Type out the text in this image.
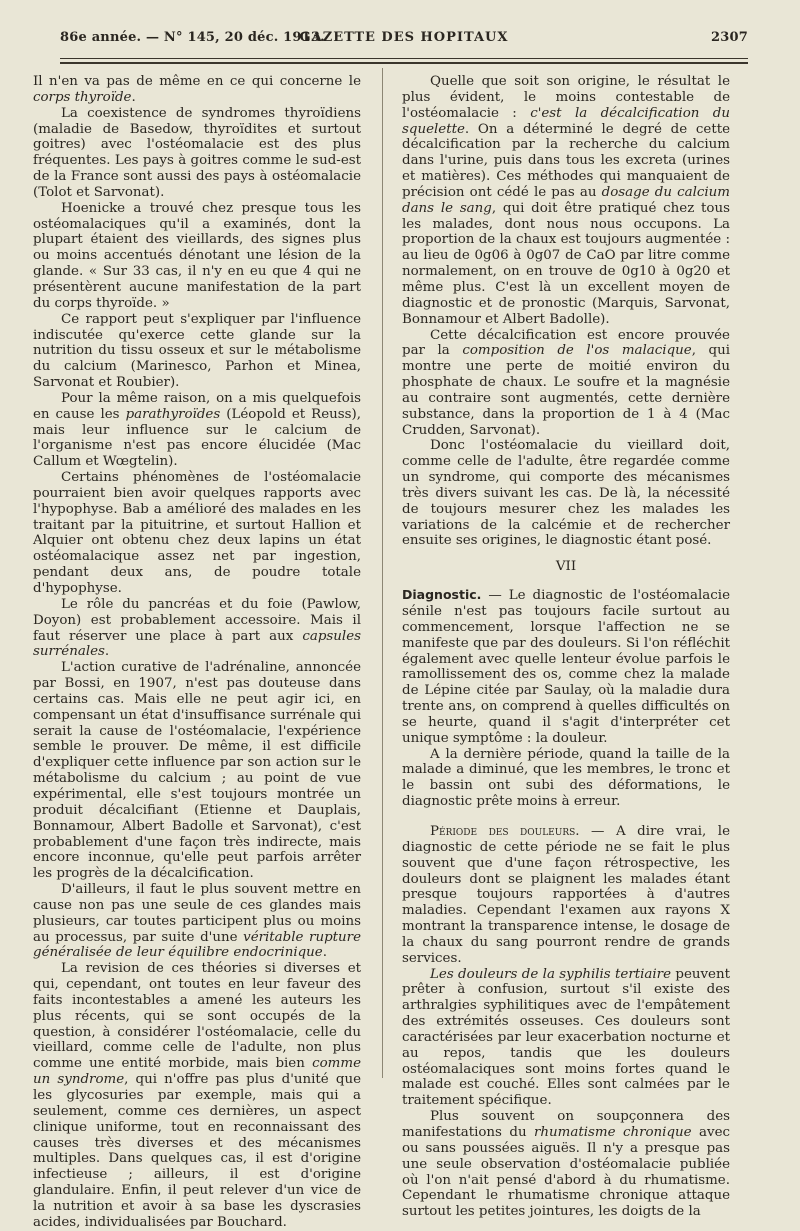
86e année. — N° 145, 20 déc. 1913.
GAZETTE DES HOPITAUX	2307

Il n'en va pas de même en ce qui concerne le corps thyroïde.

La coexistence de syndromes thyroïdiens (maladie de Basedow, thyroïdites et surtout goitres) avec l'ostéomalacie est des plus fréquentes. Les pays à goitres comme le sud-est de la France sont aussi des pays à ostéomalacie (Tolot et Sarvonat).

Hoenicke a trouvé chez presque tous les ostéomalaciques qu'il a examinés, dont la plupart étaient des vieillards, des signes plus ou moins accentués dénotant une lésion de la glande. « Sur 33 cas, il n'y en eu que 4 qui ne présentèrent aucune manifestation de la part du corps thyroïde. »

Ce rapport peut s'expliquer par l'influence indiscutée qu'exerce cette glande sur la nutrition du tissu osseux et sur le métabolisme du calcium (Marinesco, Parhon et Minea, Sarvonat et Roubier).

Pour la même raison, on a mis quelquefois en cause les parathyroïdes (Léopold et Reuss), mais leur influence sur le calcium de l'organisme n'est pas encore élucidée (Mac Callum et Wœgtelin).

Certains phénomènes de l'ostéomalacie pourraient bien avoir quelques rapports avec l'hypophyse. Bab a amélioré des malades en les traitant par la pituitrine, et surtout Hallion et Alquier ont obtenu chez deux lapins un état ostéomalacique assez net par ingestion, pendant deux ans, de poudre totale d'hypophyse.

Le rôle du pancréas et du foie (Pawlow, Doyon) est probablement accessoire. Mais il faut réserver une place à part aux capsules surrénales.

L'action curative de l'adrénaline, annoncée par Bossi, en 1907, n'est pas douteuse dans certains cas. Mais elle ne peut agir ici, en compensant un état d'insuffisance surrénale qui serait la cause de l'ostéomalacie, l'expérience semble le prouver. De même, il est difficile d'expliquer cette influence par son action sur le métabolisme du calcium ; au point de vue expérimental, elle s'est toujours montrée un produit décalcifiant (Etienne et Dauplais, Bonnamour, Albert Badolle et Sarvonat), c'est probablement d'une façon très indirecte, mais encore inconnue, qu'elle peut parfois arrêter les progrès de la décalcification.

D'ailleurs, il faut le plus souvent mettre en cause non pas une seule de ces glandes mais plusieurs, car toutes participent plus ou moins au processus, par suite d'une véritable rupture généralisée de leur équilibre endocrinique.

La revision de ces théories si diverses et qui, cependant, ont toutes en leur faveur des faits incontestables a amené les auteurs les plus récents, qui se sont occupés de la question, à considérer l'ostéomalacie, celle du vieillard, comme celle de l'adulte, non plus comme une entité morbide, mais bien comme un syndrome, qui n'offre pas plus d'unité que les glycosuries par exemple, mais qui a seulement, comme ces dernières, un aspect clinique uniforme, tout en reconnaissant des causes très diverses et des mécanismes multiples. Dans quelques cas, il est d'origine infectieuse ; ailleurs, il est d'origine glandulaire. Enfin, il peut relever d'un vice de la nutrition et avoir à sa base les dyscrasies acides, individualisées par Bouchard.

Quelle que soit son origine, le résultat le plus évident, le moins contestable de l'ostéomalacie : c'est la décalcification du squelette. On a déterminé le degré de cette décalcification par la recherche du calcium dans l'urine, puis dans tous les excreta (urines et matières). Ces méthodes qui manquaient de précision ont cédé le pas au dosage du calcium dans le sang, qui doit être pratiqué chez tous les malades, dont nous nous occupons. La proportion de la chaux est toujours augmentée : au lieu de 0g06 à 0g07 de CaO par litre comme normalement, on en trouve de 0g10 à 0g20 et même plus. C'est là un excellent moyen de diagnostic et de pronostic (Marquis, Sarvonat, Bonnamour et Albert Badolle).

Cette décalcification est encore prouvée par la composition de l'os malacique, qui montre une perte de moitié environ du phosphate de chaux. Le soufre et la magnésie au contraire sont augmentés, cette dernière substance, dans la proportion de 1 à 4 (Mac Crudden, Sarvonat).

Donc l'ostéomalacie du vieillard doit, comme celle de l'adulte, être regardée comme un syndrome, qui comporte des mécanismes très divers suivant les cas. De là, la nécessité de toujours mesurer chez les malades les variations de la calcémie et de rechercher ensuite ses origines, le diagnostic étant posé.

VII

Diagnostic. — Le diagnostic de l'ostéomalacie sénile n'est pas toujours facile surtout au commencement, lorsque l'affection ne se manifeste que par des douleurs. Si l'on réfléchit également avec quelle lenteur évolue parfois le ramollissement des os, comme chez la malade de Lépine citée par Saulay, où la maladie dura trente ans, on comprend à quelles difficultés on se heurte, quand il s'agit d'interpréter cet unique symptôme : la douleur.

A la dernière période, quand la taille de la malade a diminué, que les membres, le tronc et le bassin ont subi des déformations, le diagnostic prête moins à erreur.

Période des douleurs. — A dire vrai, le diagnostic de cette période ne se fait le plus souvent que d'une façon rétrospective, les douleurs dont se plaignent les malades étant presque toujours rapportées à d'autres maladies. Cependant l'examen aux rayons X montrant la transparence intense, le dosage de la chaux du sang pourront rendre de grands services.

Les douleurs de la syphilis tertiaire peuvent prêter à confusion, surtout s'il existe des arthralgies syphilitiques avec de l'empâtement des extrémités osseuses. Ces douleurs sont caractérisées par leur exacerbation nocturne et au repos, tandis que les douleurs ostéomalaciques sont moins fortes quand le malade est couché. Elles sont calmées par le traitement spécifique.

Plus souvent on soupçonnera des manifestations du rhumatisme chronique avec ou sans poussées aiguës. Il n'y a presque pas une seule observation d'ostéomalacie publiée où l'on n'ait pensé d'abord à du rhumatisme. Cependant le rhumatisme chronique attaque surtout les petites jointures, les doigts de la
